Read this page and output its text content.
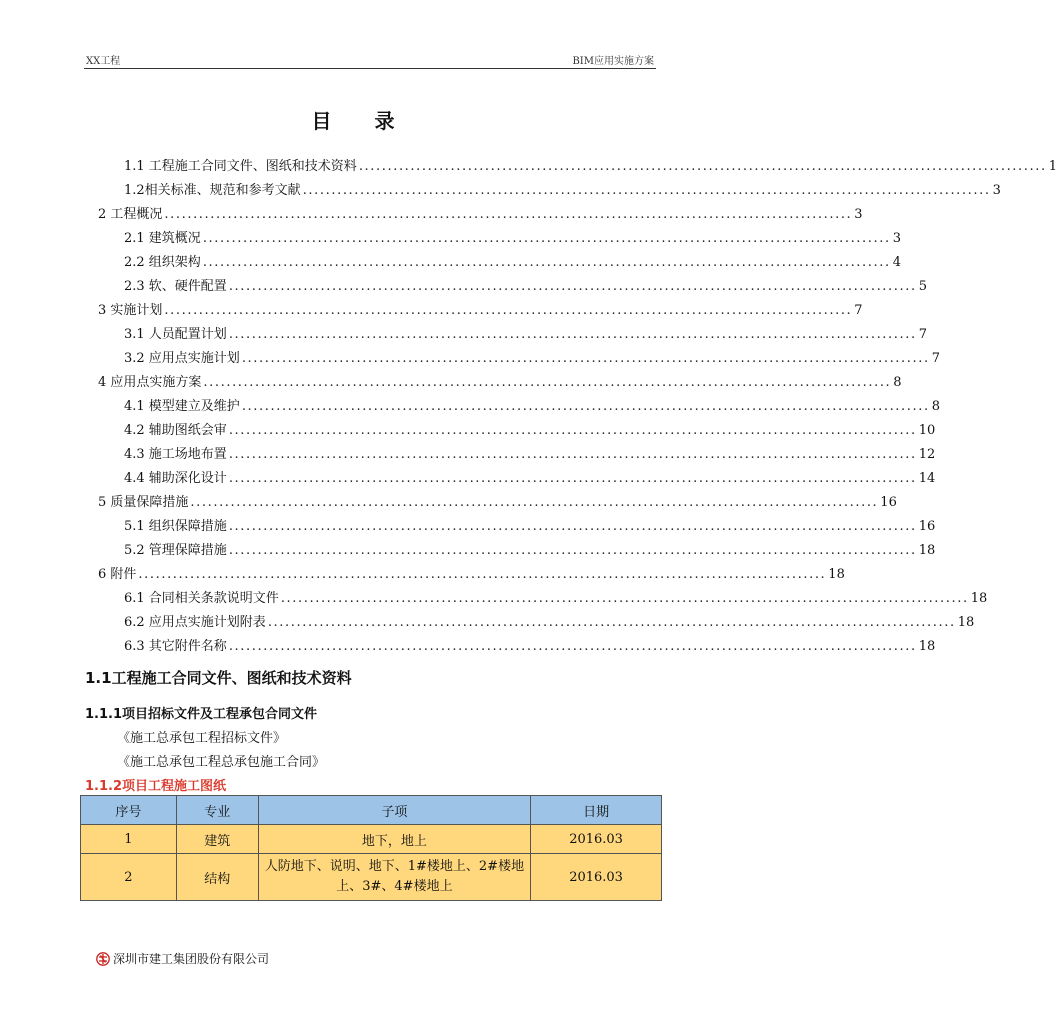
XX工程	BIM应用实施方案
目 录
1.1 工程施工合同文件、图纸和技术资料 ........................................................................................................................ 1
1.2相关标准、规范和参考文献 ........................................................................................................................ 3
2 工程概况 ........................................................................................................................ 3
2.1 建筑概况 ........................................................................................................................ 3
2.2 组织架构 ........................................................................................................................ 4
2.3 软、硬件配置 ........................................................................................................................ 5
3 实施计划 ........................................................................................................................ 7
3.1 人员配置计划 ........................................................................................................................ 7
3.2 应用点实施计划 ........................................................................................................................ 7
4 应用点实施方案 ........................................................................................................................ 8
4.1 模型建立及维护 ........................................................................................................................ 8
4.2 辅助图纸会审 ........................................................................................................................ 10
4.3 施工场地布置 ........................................................................................................................ 12
4.4 辅助深化设计 ........................................................................................................................ 14
5 质量保障措施 ........................................................................................................................ 16
5.1 组织保障措施 ........................................................................................................................ 16
5.2 管理保障措施 ........................................................................................................................ 18
6 附件 ........................................................................................................................ 18
6.1 合同相关条款说明文件 ........................................................................................................................ 18
6.2 应用点实施计划附表 ........................................................................................................................ 18
6.3 其它附件名称 ........................................................................................................................ 18
1.1工程施工合同文件、图纸和技术资料
1.1.1项目招标文件及工程承包合同文件
《施工总承包工程招标文件》
《施工总承包工程总承包施工合同》
1.1.2项目工程施工图纸
序号	专业	子项	日期
1	建筑	地下，地上	2016.03
2	结构	人防地下、说明、地下、1#楼地上、2#楼地上、3#、4#楼地上	2016.03
深圳市建工集团股份有限公司
